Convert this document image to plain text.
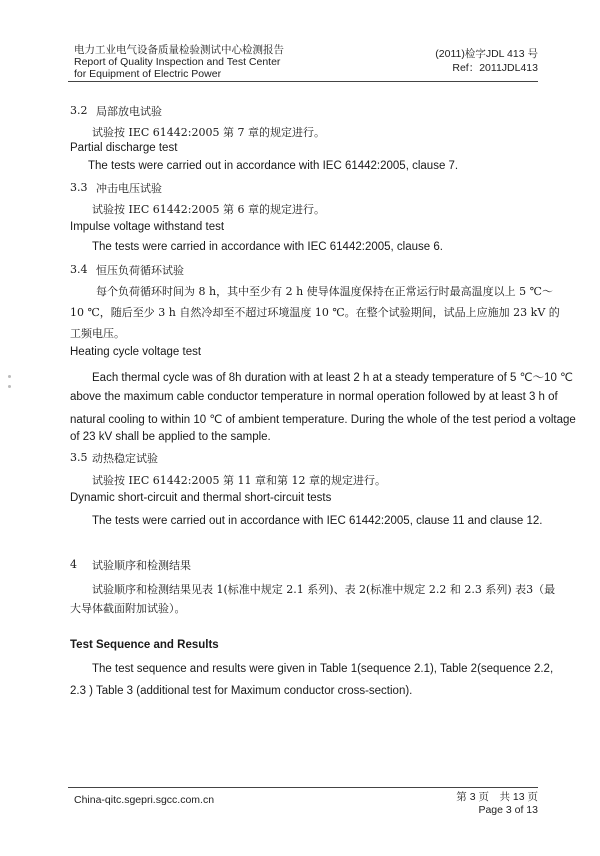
电力工业电气设备质量检验测试中心检测报告
Report of Quality Inspection and Test Center
for Equipment of Electric Power
(2011)检字JDL 413 号
Ref：2011JDL413
3.2 局部放电试验
试验按 IEC 61442:2005 第 7 章的规定进行。
Partial discharge test
The tests were carried out in accordance with IEC 61442:2005, clause 7.
3.3 冲击电压试验
试验按 IEC 61442:2005 第 6 章的规定进行。
Impulse voltage withstand test
The tests were carried in accordance with IEC 61442:2005, clause 6.
3.4 恒压负荷循环试验
每个负荷循环时间为 8 h，其中至少有 2 h 使导体温度保持在正常运行时最高温度以上 5 ℃～
10 ℃，随后至少 3 h 自然冷却至不超过环境温度 10 ℃。在整个试验期间，试品上应施加 23 kV 的
工频电压。
Heating cycle voltage test
Each thermal cycle was of 8h duration with at least 2 h at a steady temperature of 5 ℃～10 ℃
above the maximum cable conductor temperature in normal operation followed by at least 3 h of
natural cooling to within 10 ℃ of ambient temperature. During the whole of the test period a voltage
of 23 kV shall be applied to the sample.
3.5 动热稳定试验
试验按 IEC 61442:2005 第 11 章和第 12 章的规定进行。
Dynamic short-circuit and thermal short-circuit tests
The tests were carried out in accordance with IEC 61442:2005, clause 11 and clause 12.
4 试验顺序和检测结果
试验顺序和检测结果见表 1(标准中规定 2.1 系列)、表 2(标准中规定 2.2 和 2.3 系列) 表3（最
大导体截面附加试验）。
Test Sequence and Results
The test sequence and results were given in Table 1(sequence 2.1), Table 2(sequence 2.2,
2.3 ) Table 3 (additional test for Maximum conductor cross-section).
China-qitc.sgepri.sgcc.com.cn	第 3 页　共 13 页
Page 3 of 13
